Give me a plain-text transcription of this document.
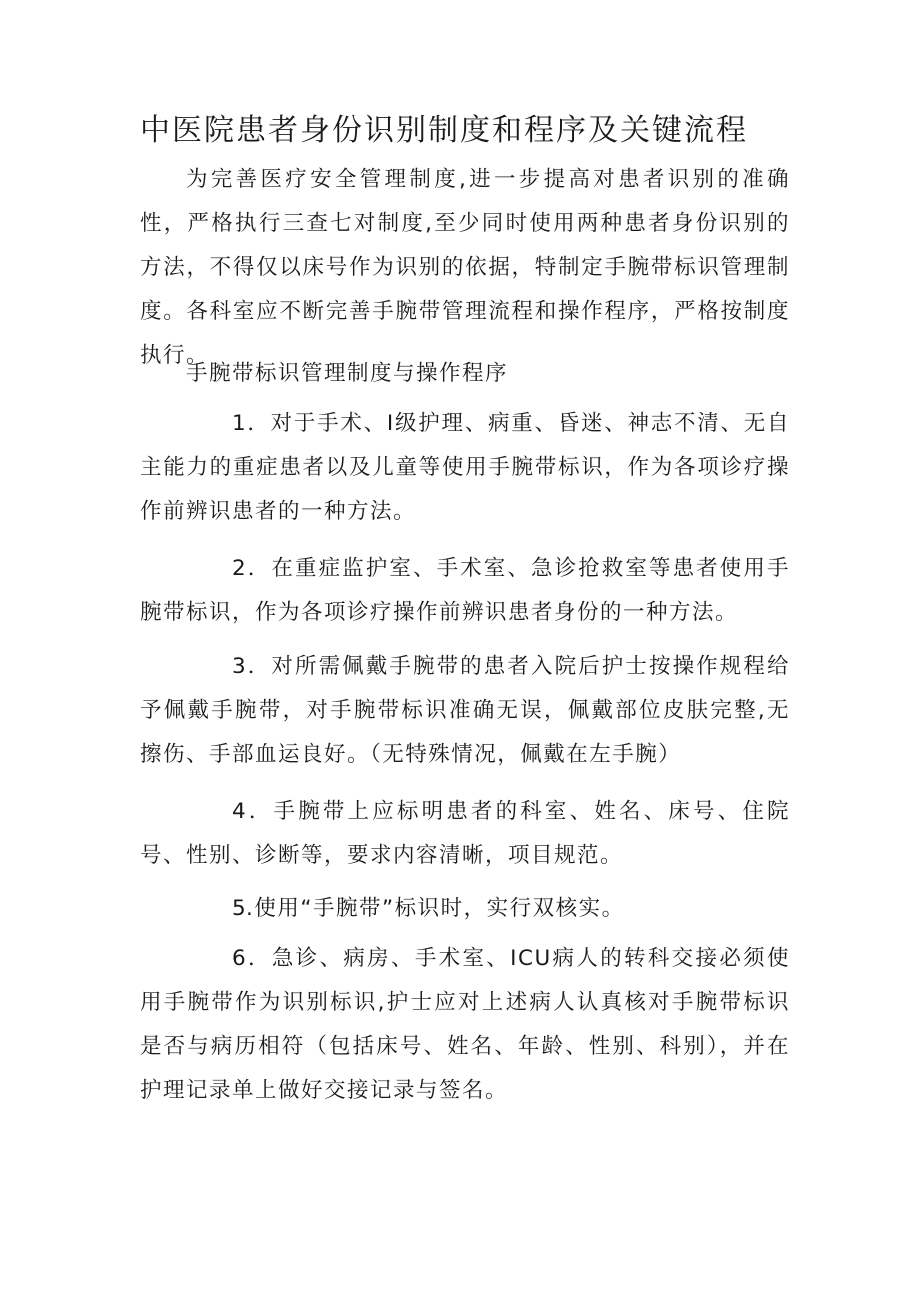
中医院患者身份识别制度和程序及关键流程

为完善医疗安全管理制度,进一步提高对患者识别的准确性，严格执行三查七对制度,至少同时使用两种患者身份识别的方法，不得仅以床号作为识别的依据，特制定手腕带标识管理制度。各科室应不断完善手腕带管理流程和操作程序，严格按制度执行。

手腕带标识管理制度与操作程序

1．对于手术、I级护理、病重、昏迷、神志不清、无自主能力的重症患者以及儿童等使用手腕带标识，作为各项诊疗操作前辨识患者的一种方法。

2．在重症监护室、手术室、急诊抢救室等患者使用手腕带标识，作为各项诊疗操作前辨识患者身份的一种方法。

3．对所需佩戴手腕带的患者入院后护士按操作规程给予佩戴手腕带，对手腕带标识准确无误，佩戴部位皮肤完整,无擦伤、手部血运良好。（无特殊情况，佩戴在左手腕）

4．手腕带上应标明患者的科室、姓名、床号、住院号、性别、诊断等，要求内容清晰，项目规范。

5.使用“手腕带”标识时，实行双核实。

6．急诊、病房、手术室、ICU病人的转科交接必须使用手腕带作为识别标识,护士应对上述病人认真核对手腕带标识是否与病历相符（包括床号、姓名、年龄、性别、科别），并在护理记录单上做好交接记录与签名。
